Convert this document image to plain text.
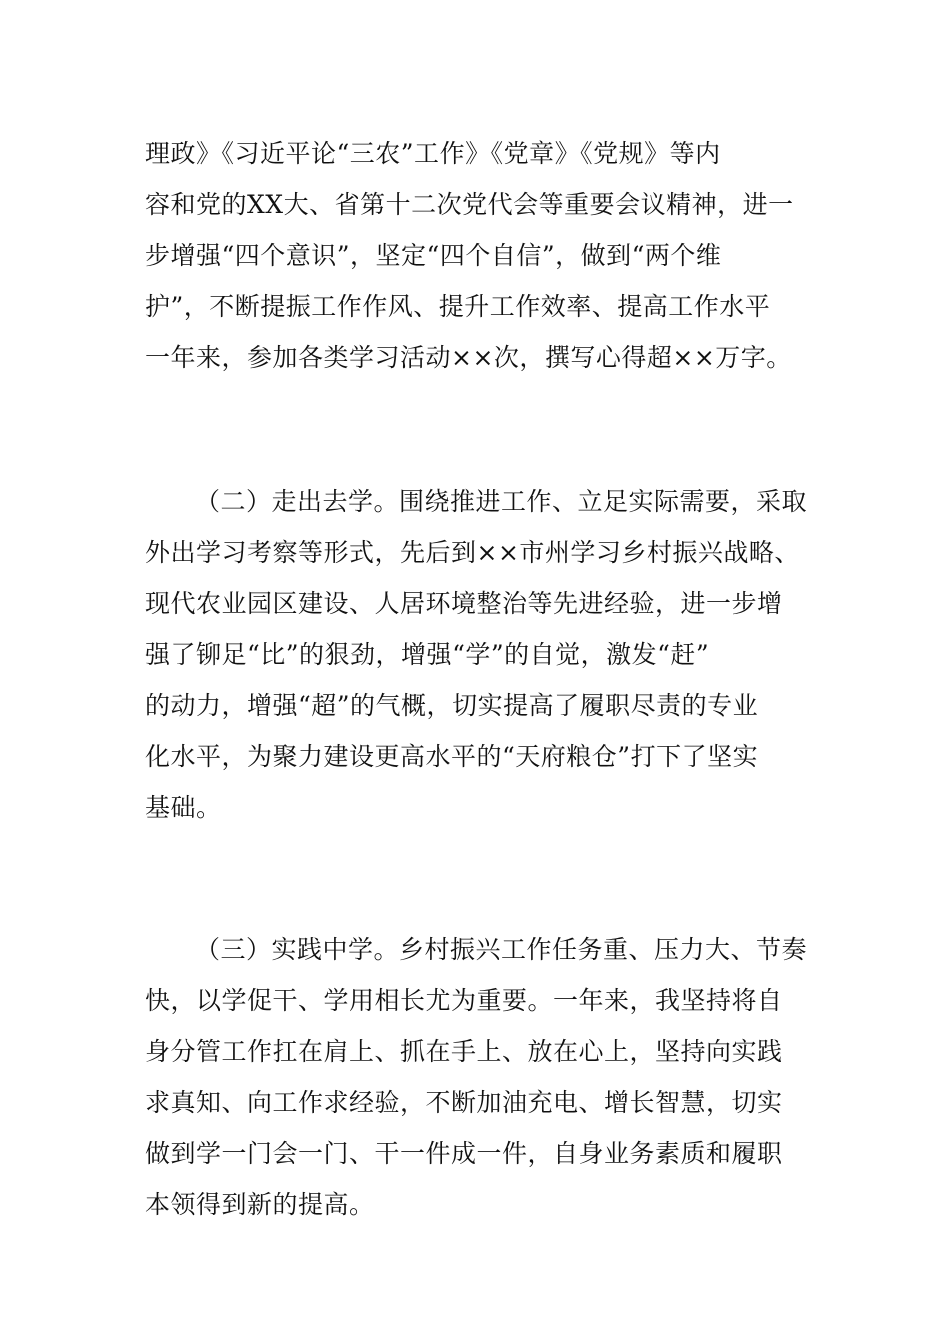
理政》《习近平论“三农”工作》《党章》《党规》等内
容和党的XX大、省第十二次党代会等重要会议精神，进一
步增强“四个意识”，坚定“四个自信”，做到“两个维
护”，不断提振工作作风、提升工作效率、提高工作水平
一年来，参加各类学习活动××次，撰写心得超××万字。
（二）走出去学。围绕推进工作、立足实际需要，采取
外出学习考察等形式，先后到××市州学习乡村振兴战略、
现代农业园区建设、人居环境整治等先进经验，进一步增
强了铆足“比”的狠劲，增强“学”的自觉，激发“赶”
的动力，增强“超”的气概，切实提高了履职尽责的专业
化水平，为聚力建设更高水平的“天府粮仓”打下了坚实
基础。
（三）实践中学。乡村振兴工作任务重、压力大、节奏
快，以学促干、学用相长尤为重要。一年来，我坚持将自
身分管工作扛在肩上、抓在手上、放在心上，坚持向实践
求真知、向工作求经验，不断加油充电、增长智慧，切实
做到学一门会一门、干一件成一件，自身业务素质和履职
本领得到新的提高。
